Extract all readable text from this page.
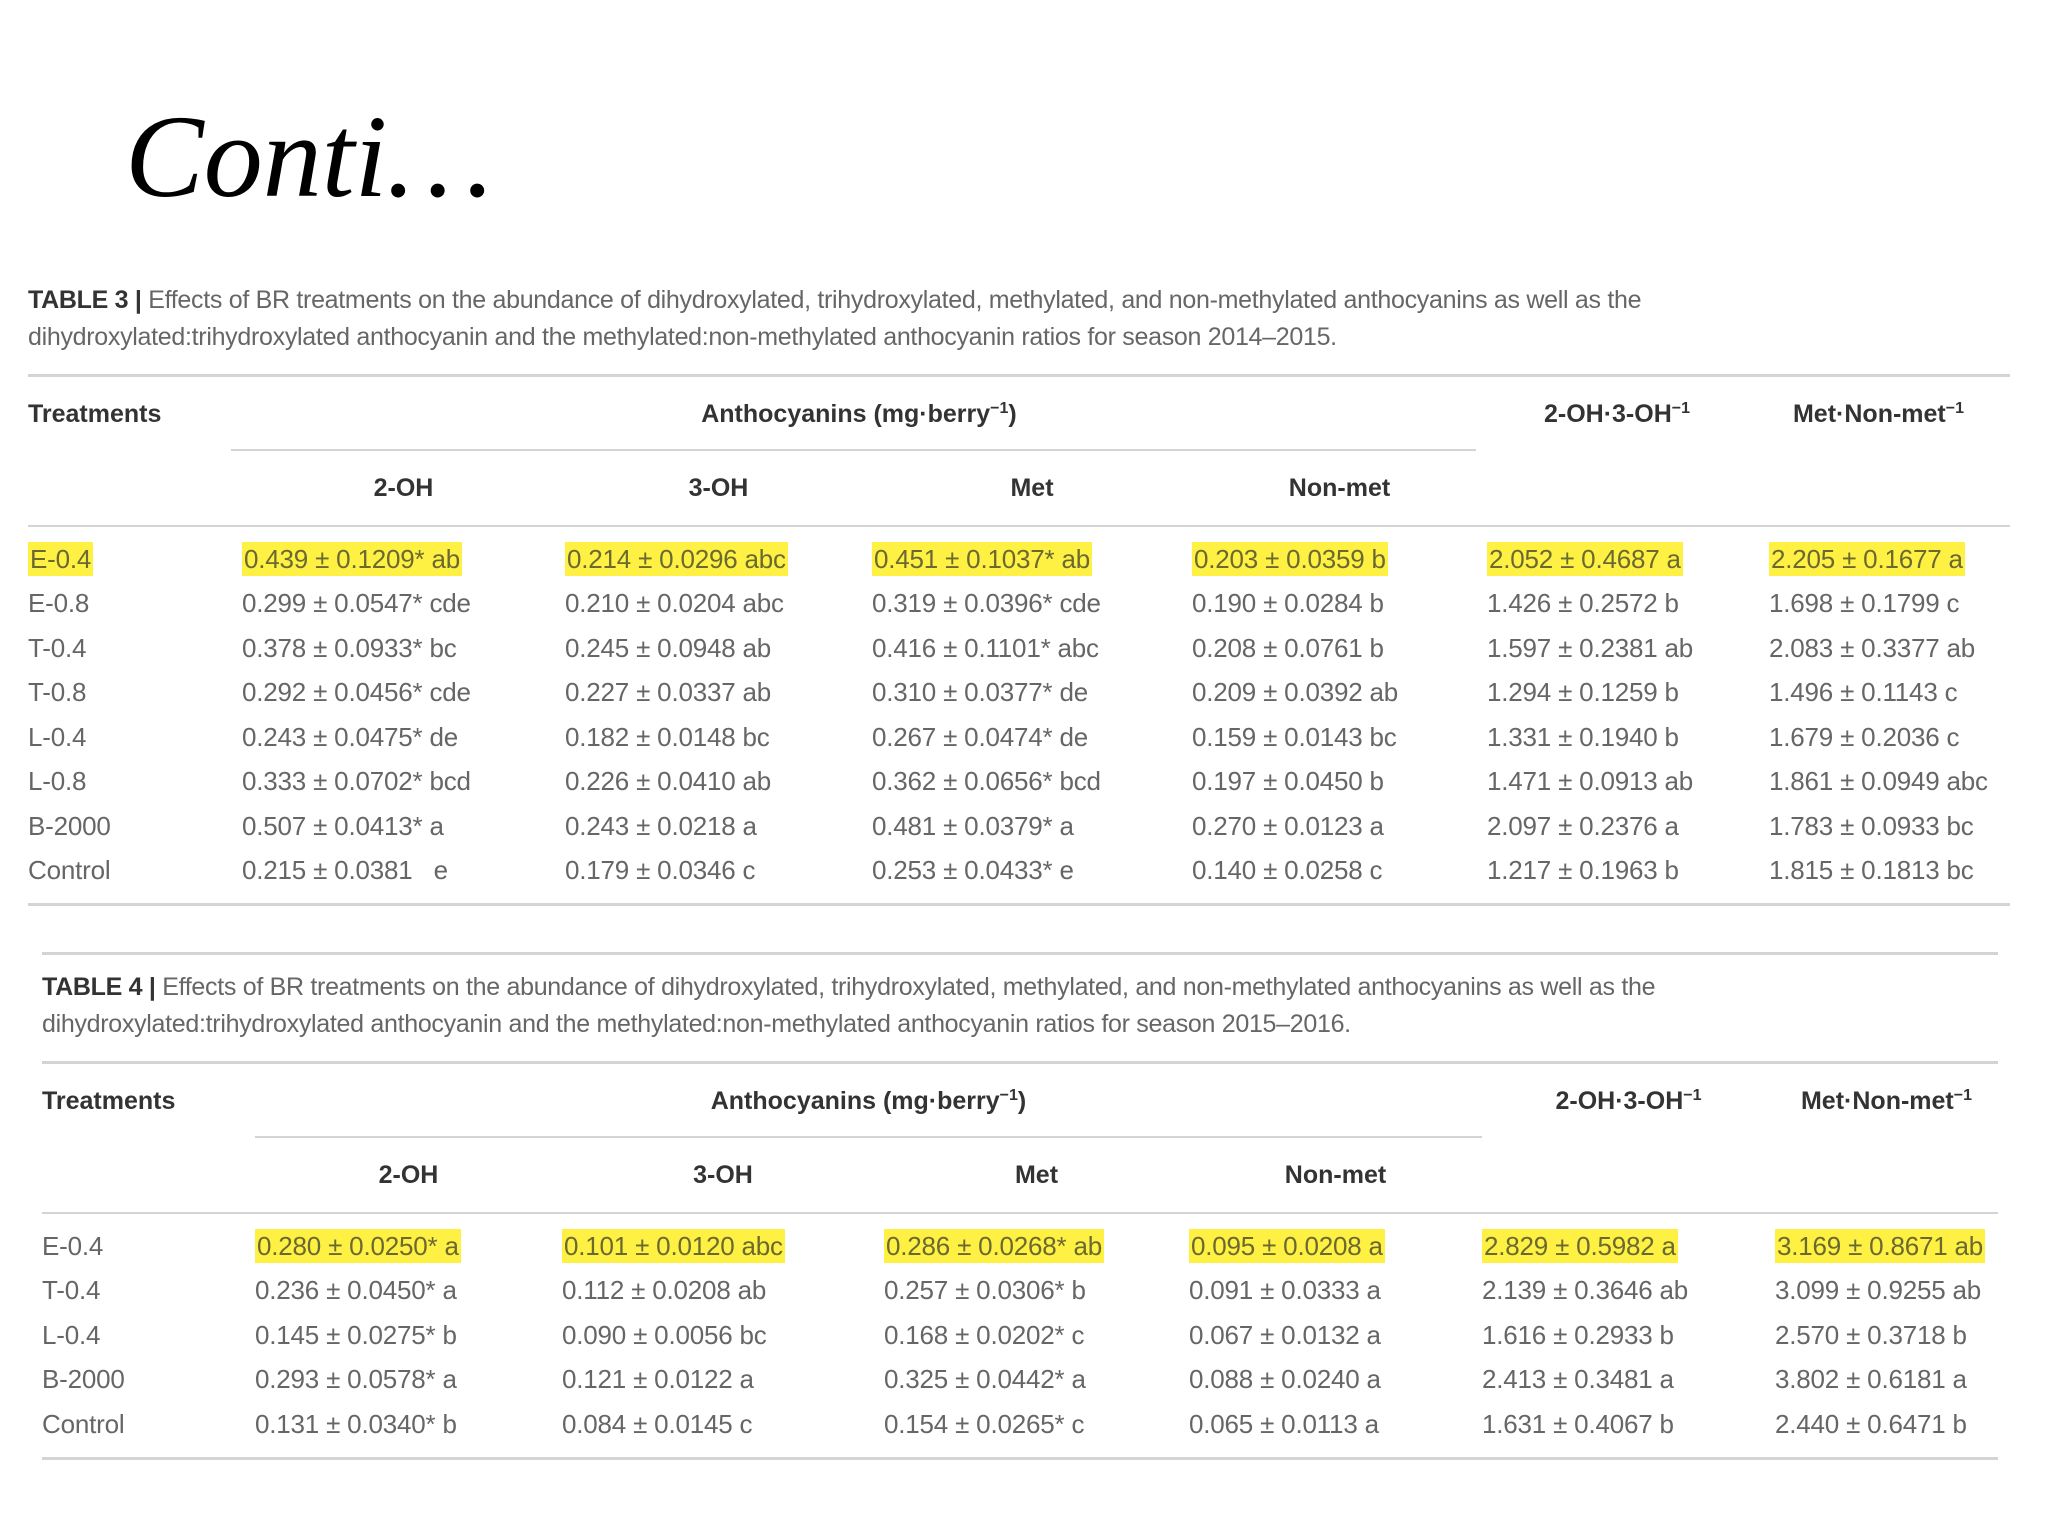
Conti…
TABLE 3 | Effects of BR treatments on the abundance of dihydroxylated, trihydroxylated, methylated, and non-methylated anthocyanins as well as the
dihydroxylated:trihydroxylated anthocyanin and the methylated:non-methylated anthocyanin ratios for season 2014–2015.
Treatments	Anthocyanins (mg·berry$^{-1}$)	$2-OH\cdot 3-OH^{-1}$	Met·Non-met$^{-1}$
2-OH	3-OH	Met	Non-met
E-0.4	0.439 ± 0.1209* ab	0.214 ± 0.0296 abc	0.451 ± 0.1037* ab	0.203 ± 0.0359 b	2.052 ± 0.4687 a	2.205 ± 0.1677 a
E-0.8	0.299 ± 0.0547* cde	0.210 ± 0.0204 abc	0.319 ± 0.0396* cde	0.190 ± 0.0284 b	1.426 ± 0.2572 b	1.698 ± 0.1799 c
T-0.4	0.378 ± 0.0933* bc	0.245 ± 0.0948 ab	0.416 ± 0.1101* abc	0.208 ± 0.0761 b	1.597 ± 0.2381 ab	2.083 ± 0.3377 ab
T-0.8	0.292 ± 0.0456* cde	0.227 ± 0.0337 ab	0.310 ± 0.0377* de	0.209 ± 0.0392 ab	1.294 ± 0.1259 b	1.496 ± 0.1143 c
L-0.4	0.243 ± 0.0475* de	0.182 ± 0.0148 bc	0.267 ± 0.0474* de	0.159 ± 0.0143 bc	1.331 ± 0.1940 b	1.679 ± 0.2036 c
L-0.8	0.333 ± 0.0702* bcd	0.226 ± 0.0410 ab	0.362 ± 0.0656* bcd	0.197 ± 0.0450 b	1.471 ± 0.0913 ab	1.861 ± 0.0949 abc
B-2000	0.507 ± 0.0413* a	0.243 ± 0.0218 a	0.481 ± 0.0379* a	0.270 ± 0.0123 a	2.097 ± 0.2376 a	1.783 ± 0.0933 bc
Control	0.215 ± 0.0381   e	0.179 ± 0.0346 c	0.253 ± 0.0433* e	0.140 ± 0.0258 c	1.217 ± 0.1963 b	1.815 ± 0.1813 bc
TABLE 4 | Effects of BR treatments on the abundance of dihydroxylated, trihydroxylated, methylated, and non-methylated anthocyanins as well as the
dihydroxylated:trihydroxylated anthocyanin and the methylated:non-methylated anthocyanin ratios for season 2015–2016.
Treatments	Anthocyanins (mg·berry$^{-1}$)	$2-OH\cdot 3-OH^{-1}$	Met·Non-met$^{-1}$
2-OH	3-OH	Met	Non-met
E-0.4	0.280 ± 0.0250* a	0.101 ± 0.0120 abc	0.286 ± 0.0268* ab	0.095 ± 0.0208 a	2.829 ± 0.5982 a	3.169 ± 0.8671 ab
T-0.4	0.236 ± 0.0450* a	0.112 ± 0.0208 ab	0.257 ± 0.0306* b	0.091 ± 0.0333 a	2.139 ± 0.3646 ab	3.099 ± 0.9255 ab
L-0.4	0.145 ± 0.0275* b	0.090 ± 0.0056 bc	0.168 ± 0.0202* c	0.067 ± 0.0132 a	1.616 ± 0.2933 b	2.570 ± 0.3718 b
B-2000	0.293 ± 0.0578* a	0.121 ± 0.0122 a	0.325 ± 0.0442* a	0.088 ± 0.0240 a	2.413 ± 0.3481 a	3.802 ± 0.6181 a
Control	0.131 ± 0.0340* b	0.084 ± 0.0145 c	0.154 ± 0.0265* c	0.065 ± 0.0113 a	1.631 ± 0.4067 b	2.440 ± 0.6471 b
